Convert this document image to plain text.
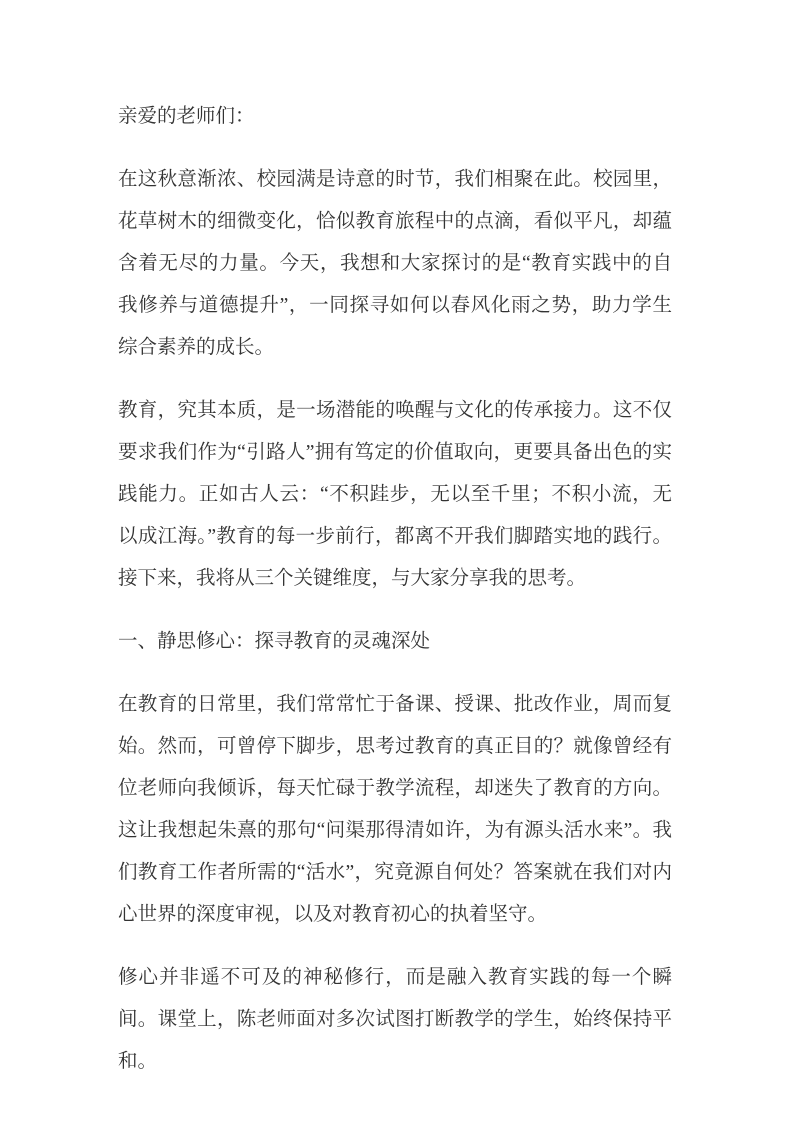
亲爱的老师们：

在这秋意渐浓、校园满是诗意的时节，我们相聚在此。校园里，花草树木的细微变化，恰似教育旅程中的点滴，看似平凡，却蕴含着无尽的力量。今天，我想和大家探讨的是“教育实践中的自我修养与道德提升”，一同探寻如何以春风化雨之势，助力学生综合素养的成长。

教育，究其本质，是一场潜能的唤醒与文化的传承接力。这不仅要求我们作为“引路人”拥有笃定的价值取向，更要具备出色的实践能力。正如古人云：“不积跬步，无以至千里；不积小流，无以成江海。”教育的每一步前行，都离不开我们脚踏实地的践行。接下来，我将从三个关键维度，与大家分享我的思考。

一、静思修心：探寻教育的灵魂深处

在教育的日常里，我们常常忙于备课、授课、批改作业，周而复始。然而，可曾停下脚步，思考过教育的真正目的？就像曾经有位老师向我倾诉，每天忙碌于教学流程，却迷失了教育的方向。这让我想起朱熹的那句“问渠那得清如许，为有源头活水来”。我们教育工作者所需的“活水”，究竟源自何处？答案就在我们对内心世界的深度审视，以及对教育初心的执着坚守。

修心并非遥不可及的神秘修行，而是融入教育实践的每一个瞬间。课堂上，陈老师面对多次试图打断教学的学生，始终保持平和。
